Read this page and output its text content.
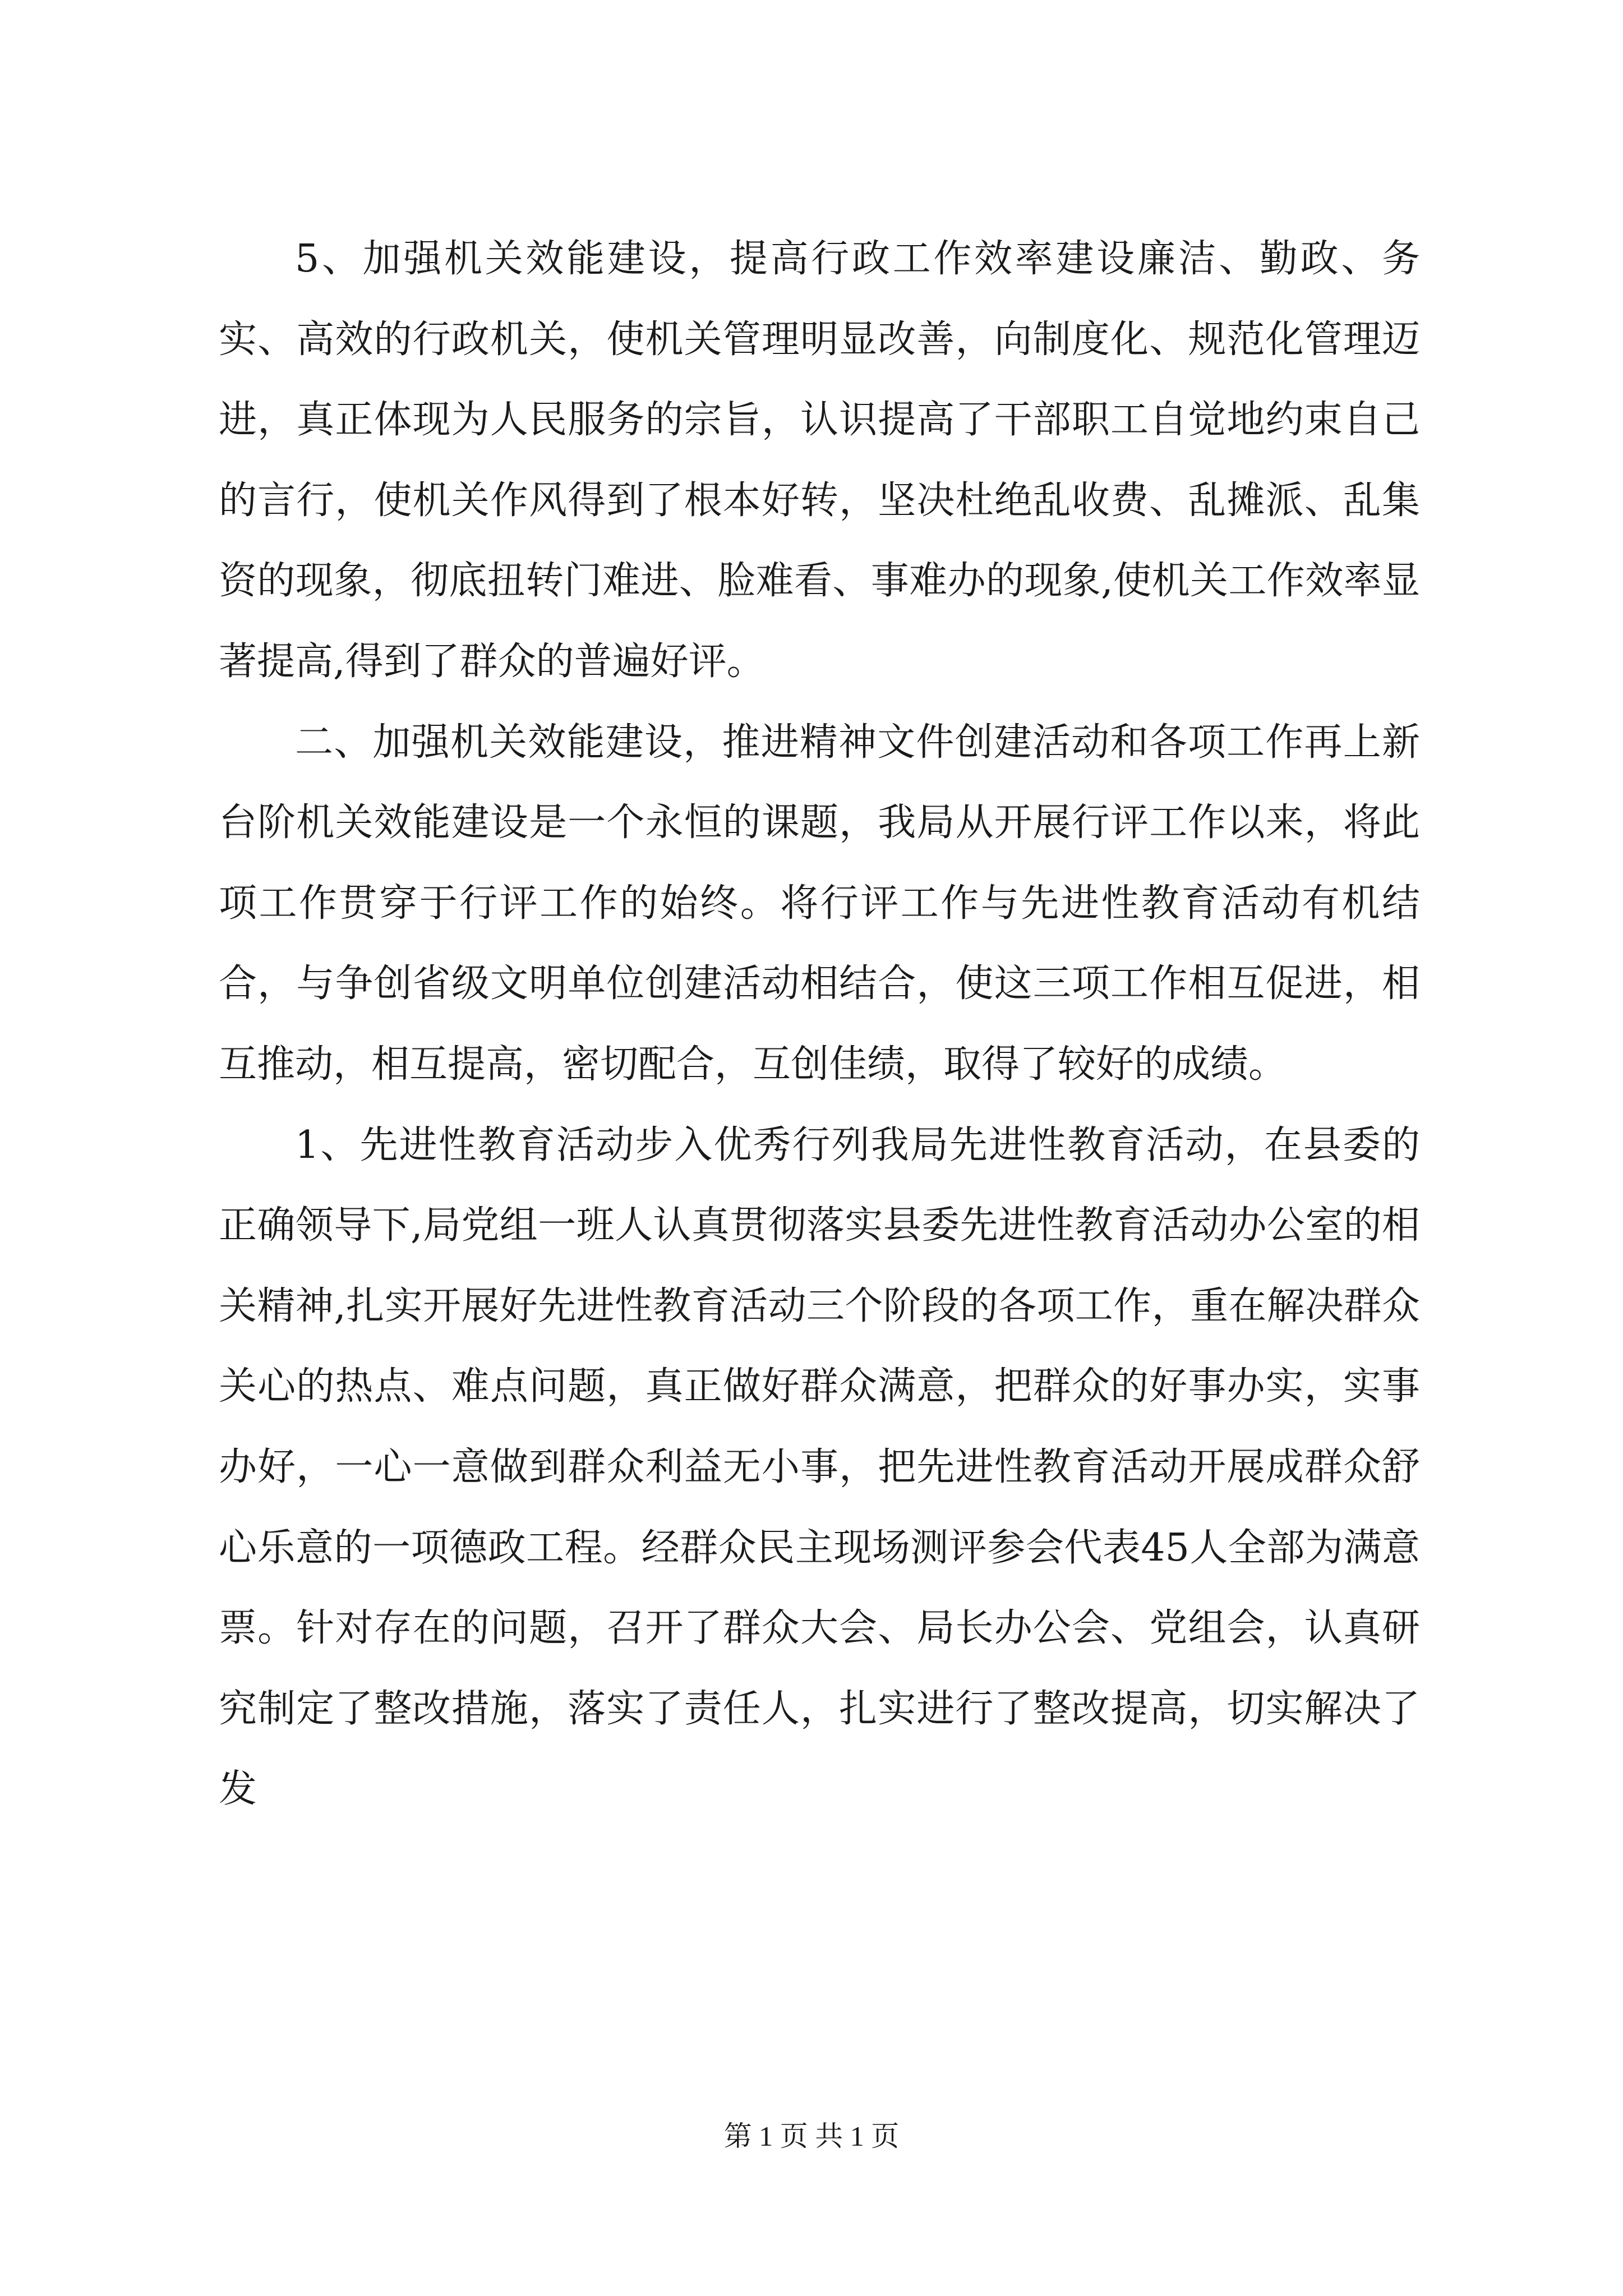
5、加强机关效能建设，提高行政工作效率建设廉洁、勤政、务实、高效的行政机关，使机关管理明显改善，向制度化、规范化管理迈进，真正体现为人民服务的宗旨，认识提高了干部职工自觉地约束自己的言行，使机关作风得到了根本好转，坚决杜绝乱收费、乱摊派、乱集资的现象，彻底扭转门难进、脸难看、事难办的现象,使机关工作效率显著提高,得到了群众的普遍好评。

二、加强机关效能建设，推进精神文件创建活动和各项工作再上新台阶机关效能建设是一个永恒的课题，我局从开展行评工作以来，将此项工作贯穿于行评工作的始终。将行评工作与先进性教育活动有机结合，与争创省级文明单位创建活动相结合，使这三项工作相互促进，相互推动，相互提高，密切配合，互创佳绩，取得了较好的成绩。

1、先进性教育活动步入优秀行列我局先进性教育活动，在县委的正确领导下,局党组一班人认真贯彻落实县委先进性教育活动办公室的相关精神,扎实开展好先进性教育活动三个阶段的各项工作，重在解决群众关心的热点、难点问题，真正做好群众满意，把群众的好事办实，实事办好，一心一意做到群众利益无小事，把先进性教育活动开展成群众舒心乐意的一项德政工程。经群众民主现场测评参会代表45人全部为满意票。针对存在的问题，召开了群众大会、局长办公会、党组会，认真研究制定了整改措施，落实了责任人，扎实进行了整改提高，切实解决了发

第 1 页 共 1 页
